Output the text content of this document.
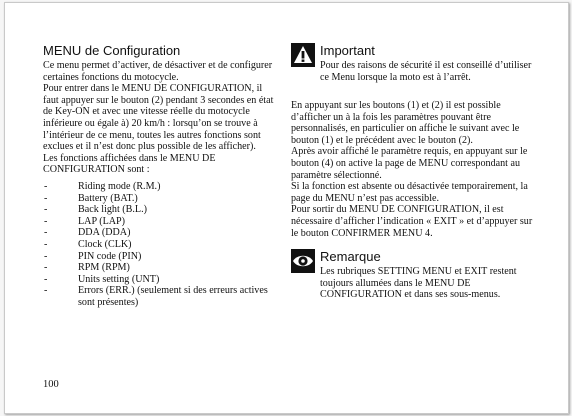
MENU de Configuration

Ce menu permet d’activer, de désactiver et de configurer certaines fonctions du motocycle.

Pour entrer dans le MENU DE CONFIGURATION, il faut appuyer sur le bouton (2) pendant 3 secondes en état de Key-ON et avec une vitesse réelle du motocycle inférieure ou égale à) 20 km/h : lorsqu’on se trouve à l’intérieur de ce menu, toutes les autres fonctions sont exclues et il n’est donc plus possible de les afficher).

Les fonctions affichées dans le MENU DE CONFIGURATION sont :

- Riding mode (R.M.)
- Battery (BAT.)
- Back light (B.L.)
- LAP (LAP)
- DDA (DDA)
- Clock (CLK)
- PIN code (PIN)
- RPM (RPM)
- Units setting (UNT)
- Errors (ERR.) (seulement si des erreurs actives sont présentes)
Important

Pour des raisons de sécurité il est conseillé d’utiliser ce Menu lorsque la moto est à l’arrêt.

En appuyant sur les boutons (1) et (2) il est possible d’afficher un à la fois les paramètres pouvant être personnalisés, en particulier on affiche le suivant avec le bouton (1) et le précédent avec le bouton (2).

Après avoir affiché le paramètre requis, en appuyant sur le bouton (4) on active la page de MENU correspondant au paramètre sélectionné.

Si la fonction est absente ou désactivée temporairement, la page du MENU n’est pas accessible.

Pour sortir du MENU DE CONFIGURATION, il est nécessaire d’afficher l’indication « EXIT » et d’appuyer sur le bouton CONFIRMER MENU 4.

Remarque

Les rubriques SETTING MENU et EXIT restent toujours allumées dans le MENU DE CONFIGURATION et dans ses sous-menus.

100
